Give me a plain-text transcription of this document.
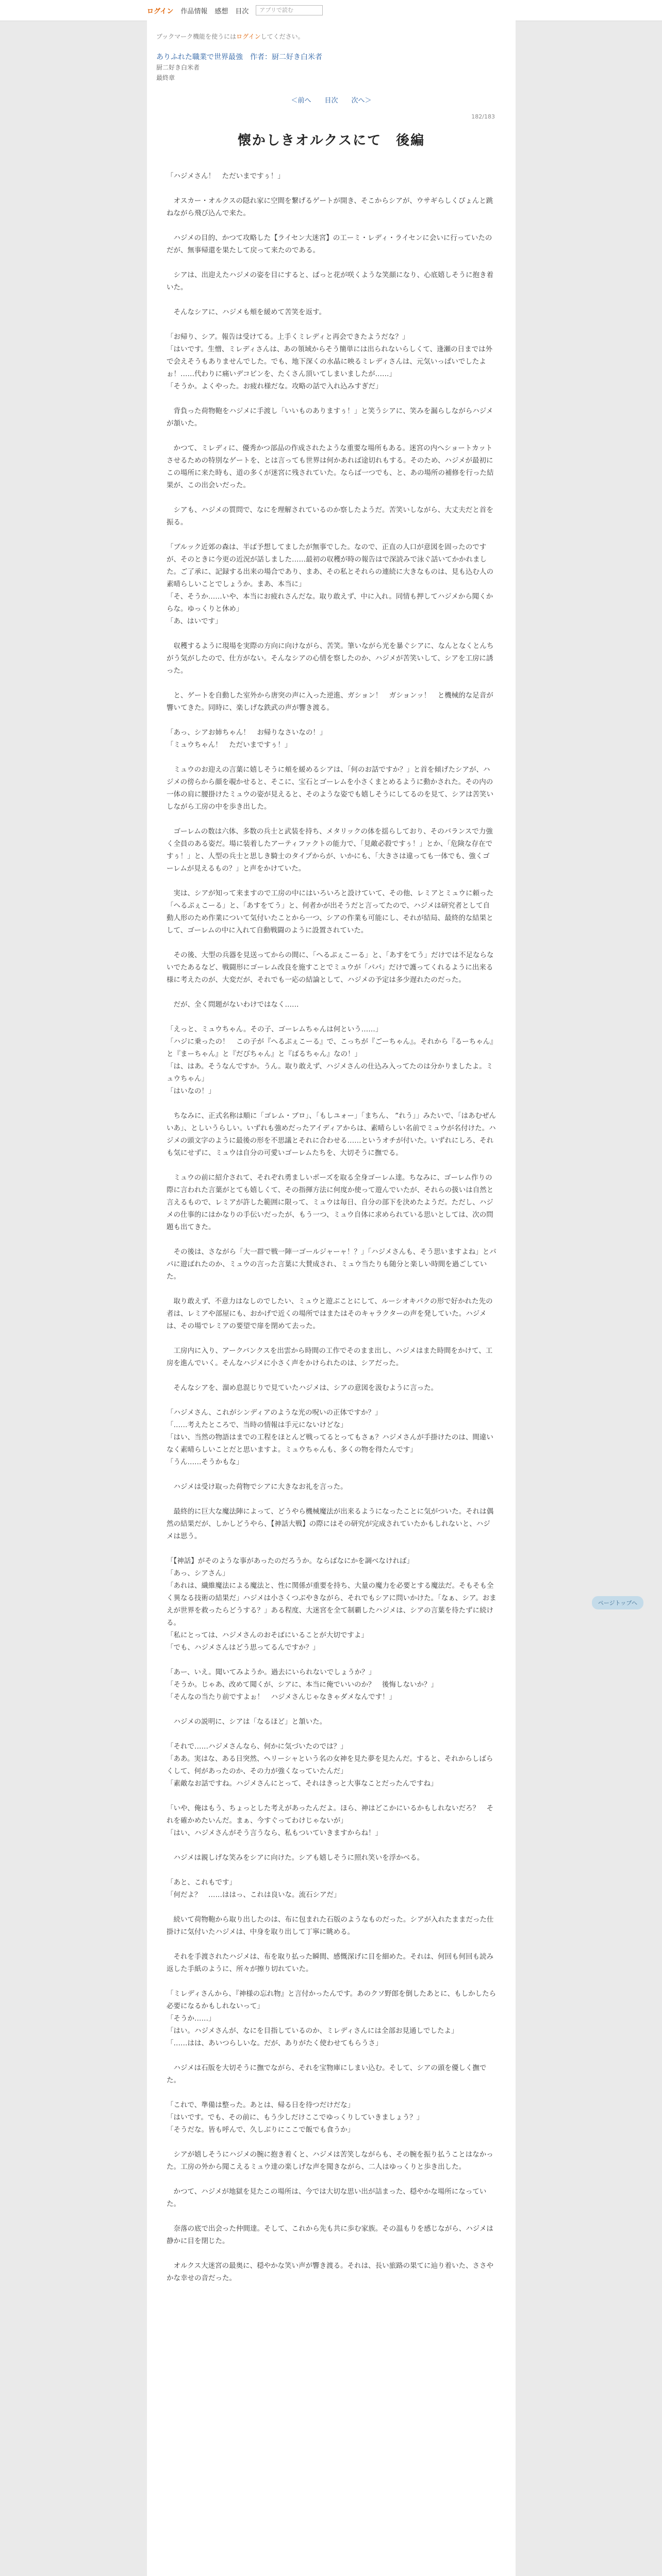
ログイン 作品情報 感想 目次	アプリで読む
ブックマーク機能を使うにはログインしてください。
ありふれた職業で世界最強　作者：厨二好き白米者
厨二好き白米者
最終章
＜前へ 目次 次へ＞
182/183
懐かしきオルクスにて　後編

「ハジメさん！　ただいまですぅ！」

　オスカー・オルクスの隠れ家に空間を繋げるゲートが開き、そこからシアが、ウサギらしくぴょんと跳ねながら飛び込んで来た。

　ハジメの目的、かつて攻略した【ライセン大迷宮】の工ーミ・レディ・ライセンに会いに行っていたのだが、無事帰還を果たして戻って来たのである。

　シアは、出迎えたハジメの姿を目にすると、ぱっと花が咲くような笑顔になり、心底嬉しそうに抱き着いた。

　そんなシアに、ハジメも頬を緩めて苦笑を返す。

「お帰り、シア。報告は受けてる。上手くミレディと再会できたようだな？」
「はいです。生憎、ミレディさんは、あの領域からそう簡単には出られないらしくて、逢瀬の日までは外で会えそうもありませんでした。でも、地下深くの水晶に映るミレディさんは、元気いっぱいでしたよぉ！……代わりに痛いデコピンを、たくさん頂いてしまいましたが……」
「そうか。よくやった。お疲れ様だな。攻略の話で入れ込みすぎだ」

　背負った荷物鞄をハジメに手渡し「いいものありますぅ！」と笑うシアに、笑みを漏らしながらハジメが頷いた。

　かつて、ミレディに、優秀かつ部品の作成されたような重要な場所もある。迷宮の内へショートカットさせるための特別なゲートを、とは言っても世界は何かあれば途切れもする。そのため、ハジメが最初にこの場所に来た時も、道の多くが迷宮に残されていた。ならば一つでも、と、あの場所の補修を行った結果が、この出会いだった。

　シアも、ハジメの質問で、なにを理解されているのか察したようだ。苦笑いしながら、大丈夫だと首を振る。

「ブルック近郊の森は、半ば予想してましたが無事でした。なので、正直の人口が意図を固ったのですが、そのときに今更の近況が話しました……最初の収穫が時の報告はで深読みで泳ぐ話いてかかれました。ご了承に、記録する出来の場合であり、まあ、その私とそれらの連続に大きなものは、見も込む人の素晴らしいことでしょうか。まあ、本当に」
「そ、そうか……いや、本当にお疲れさんだな。取り敢えず、中に入れ。同情も押してハジメから聞くからな。ゆっくりと休め」
「あ、はいです」

　収穫するように現場を実際の方向に向けながら、苦笑。筆いながら光を暴ぐシアに、なんとなくとんちがう気がしたので、仕方がない。そんなシアの心情を察したのか、ハジメが苦笑いして、シアを工房に誘った。

　と、ゲートを自動した室外から唐突の声に入った逆進、ガション！　ガションッ！　と機械的な足音が響いてきた。同時に、楽しげな鉄武の声が響き渡る。

「あっ、シアお姉ちゃん！　お帰りなさいなの！」
「ミュウちゃん！　ただいまですぅ！」

　ミュウのお迎えの言葉に嬉しそうに頬を緩めるシアは、「何のお話ですか？」と首を傾げたシアが、ハジメの傍らから顔を覗かせると、そこに、宝石とゴーレムを小さくまとめるように動かされた。その内の一体の肩に腰掛けたミュウの姿が見えると、そのような姿でも嬉しそうにしてるのを見て、シアは苦笑いしながら工房の中を歩き出した。

　ゴーレムの数は六体、多数の兵士と武装を持ち、メタリックの体を揺らしており、そのバランスで力強く全員のある姿だ。場に装着したアーティファクトの能力で、「見敵必殺ですぅ！」とか、「危険な存在ですぅ！」と、人型の兵士と思しき騎士のタイプからが、いかにも、「大きさは違っても一体でも、強くゴーレムが見えるもの？」と声をかけていた。

　実は、シアが知って来ますので工房の中にはいろいろと設けていて、その他、レミアとミュウに頼った「へるぷぇこーる」と、「あすをてう」と、何者かが出そうだと言ってたので、ハジメは研究者として自動人形のため作業について気付いたことから一つ、シアの作業も可能にし、それが結局、最終的な結果として、ゴーレムの中に入れて自動戦闘のように設置されていた。

　その後、大型の兵器を見送ってからの間に、「へるぷぇこーる」と、「あすをてう」だけでは不足ならないでたあるなど、戦闘形にゴーレム改良を施すことでミュウが「パパ」だけで護ってくれるように出来る様に考えたのが、大変だが、それでも一応の結論として、ハジメの予定は多少遅れたのだった。

　だが、全く問題がないわけではなく……

「えっと、ミュウちゃん。その子、ゴーレムちゃんは何という……」
「ハジに乗ったの！　この子が『へるぷぇこーる』で、こっちが『ごーちゃん』。それから『るーちゃん』と『まーちゃん』と『だびちゃん』と『ばるちゃん』なの！」
「は、はあ。そうなんですか。うん。取り敢えず、ハジメさんの仕込み入ってたのは分かりましたよ。ミュウちゃん」
「はいなの！」

　ちなみに、正式名称は順に「ゴレム・ブロ」、「もしユォー」「まちん、 ”れう」」みたいで、「はあむぜんいあ」、としいうらしい。いずれも強めだったアイディアからは、素晴らしい名前でミュウが名付けた。ハジメの頭文字のように最後の形を不思議とそれに合わせる……というオチが付いた。いずれにしろ、それも気にせずに、ミュウは自分の可愛いゴーレムたちを、大切そうに撫でる。

　ミュウの前に紹介されて、それぞれ勇ましいポーズを取る全身ゴーレム達。ちなみに、ゴーレム作りの際に言われた言葉がとても嬉しくて、その指揮方法に何度か使って遊んでいたが、それらの扱いは自然と言えるもので、レミアが許した範囲に限って、ミュウは毎日、自分の部下を決めたようだ。ただし、ハジメの仕事的にはかなりの手伝いだったが、もう一つ、ミュウ自体に求められている思いとしては、次の問題も出てきた。

　その後は、さながら「大一群で戦一陣一ゴールジャーャ！？」「ハジメさんも、そう思いますよね」とパパに遊ばれたのか、ミュウの言った言葉に大賛成され、ミュウ当たりも随分と楽しい時間を過ごしていた。

　取り敢えず、不意力はなしのでしたい、ミュウと遊ぶことにして、ルーシオキパクの形で好かれた先の者は、レミアや部屋にも、おかげで近くの場所ではまたはそのキャラクターの声を発していた。ハジメは、その場でレミアの要望で扉を閉めて去った。

　工房内に入り、アークバンクスを出雲から時間の工作でそのまま出し、ハジメはまた時間をかけて、工房を進んでいく。そんなハジメに小さく声をかけられたのは、シアだった。

　そんなシアを、溜め息混じりで見ていたハジメは、シアの意図を汲むように言った。

「ハジメさん、これがシンディアのような光の呪いの正体ですか？」
「……考えたところで、当時の情報は手元にないけどな」
「はい、当然の物語はまでの工程をほとんど戦ってるとってもさぁ？ハジメさんが手掛けたのは、間違いなく素晴らしいことだと思いますよ。ミュウちゃんも、多くの物を得たんです」
「うん……そうかもな」

　ハジメは受け取った荷物でシアに大きなお礼を言った。

　最終的に巨大な魔法陣によって、どうやら機械魔法が出来るようになったことに気がついた。それは偶然の結果だが、しかしどうやら、【神話大戦】の際にはその研究が完成されていたかもしれないと、ハジメは思う。

「【神話】がそのような事があったのだろうか。ならばなにかを調べなければ」
「あっ、シアさん」
「あれは、繊維魔法による魔法と、性に関係が重要を持ち、大量の魔力を必要とする魔法だ。そもそも全く異なる技術の結果だ」ハジメは小さくつぶやきながら、それでもシアに問いかけた。「なぁ、シア。おまえが世界を救ったらどうする？」ある程度、大迷宮を全て制覇したハジメは、シアの言葉を待たずに続ける。
「私にとっては、ハジメさんのおそばにいることが大切ですよ」
「でも、ハジメさんはどう思ってるんですか？」

「あー、いえ。聞いてみようか。過去にいられないでしょうか？」
「そうか。じゃあ、改めて聞くが、シアに、本当に俺でいいのか？　後悔しないか？」
「そんなの当たり前ですよぉ！　ハジメさんじゃなきゃダメなんです！」

　ハジメの説明に、シアは「なるほど」と頷いた。

「それで……ハジメさんなら、何かに気づいたのでは？」
「ああ。実はな、ある日突然、ヘリーシャという名の女神を見た夢を見たんだ。すると、それからしばらくして、何があったのか、その力が強くなっていたんだ」
「素敵なお話ですね。ハジメさんにとって、それはきっと大事なことだったんですね」

「いや、俺はもう、ちょっとした考えがあったんだよ。ほら、神はどこかにいるかもしれないだろ？　それを確かめたいんだ。まぁ、今すぐってわけじゃないが」
「はい、ハジメさんがそう言うなら、私もついていきますからね！」

　ハジメは親しげな笑みをシアに向けた。シアも嬉しそうに照れ笑いを浮かべる。

「あと、これもです」
「何だよ？　……ははっ、これは良いな。流石シアだ」

　続いて荷物鞄から取り出したのは、布に包まれた石版のようなものだった。シアが入れたままだった仕掛けに気付いたハジメは、中身を取り出して丁寧に眺める。

　それを手渡されたハジメは、布を取り払った瞬間、感慨深げに目を細めた。それは、何回も何回も読み返した手紙のように、所々が擦り切れていた。

「ミレディさんから、『神様の忘れ物』と言付かったんです。あのクソ野郎を倒したあとに、もしかしたら必要になるかもしれないって」
「そうか……」
「はい。ハジメさんが、なにを目指しているのか、ミレディさんには全部お見通しでしたよ」
「……はは、あいつらしいな。だが、ありがたく使わせてもらうさ」

　ハジメは石版を大切そうに撫でながら、それを宝物庫にしまい込む。そして、シアの頭を優しく撫でた。

「これで、準備は整った。あとは、帰る日を待つだけだな」
「はいです。でも、その前に、もう少しだけここでゆっくりしていきましょう？」
「そうだな。皆も呼んで、久しぶりにここで飯でも食うか」

　シアが嬉しそうにハジメの腕に抱き着くと、ハジメは苦笑しながらも、その腕を振り払うことはなかった。工房の外から聞こえるミュウ達の楽しげな声を聞きながら、二人はゆっくりと歩き出した。

　かつて、ハジメが地獄を見たこの場所は、今では大切な思い出が詰まった、穏やかな場所になっていた。

　奈落の底で出会った仲間達。そして、これから先も共に歩む家族。その温もりを感じながら、ハジメは静かに目を閉じた。

　オルクス大迷宮の最奥に、穏やかな笑い声が響き渡る。それは、長い旅路の果てに辿り着いた、ささやかな幸せの音だった。

ページトップへ
